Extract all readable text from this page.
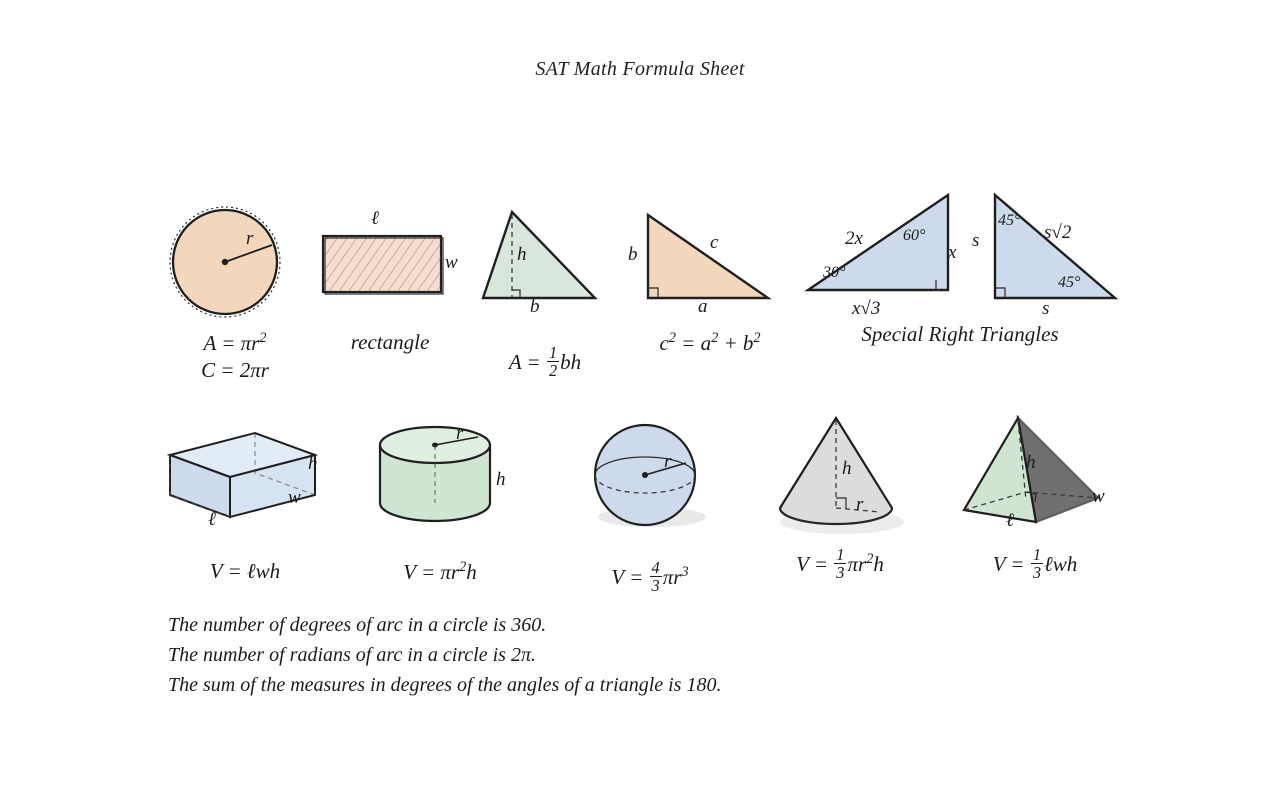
SAT Math Formula Sheet
r
$A = \pi r^2$
C = 2πr
ℓ
w
rectangle
h
b
$A = \frac{1}{2}$ bh
b
c
a
$c^2 = a^2 + b^2$
2x	60°
x
30°
x√3
s
45°
s√2
45°
s
Special Right Triangles
h
w
ℓ
V = ℓwh
r
h
$V = \pi r^2h$
r
$V = \frac{4}{3} \pi r^3$
h
r
$V = \frac{1}{3} \pi r^2h$
h
w
ℓ
$V = \frac{1}{3}$ ℓwh
The number of degrees of arc in a circle is 360.
The number of radians of arc in a circle is 2π.
The sum of the measures in degrees of the angles of a triangle is 180.
